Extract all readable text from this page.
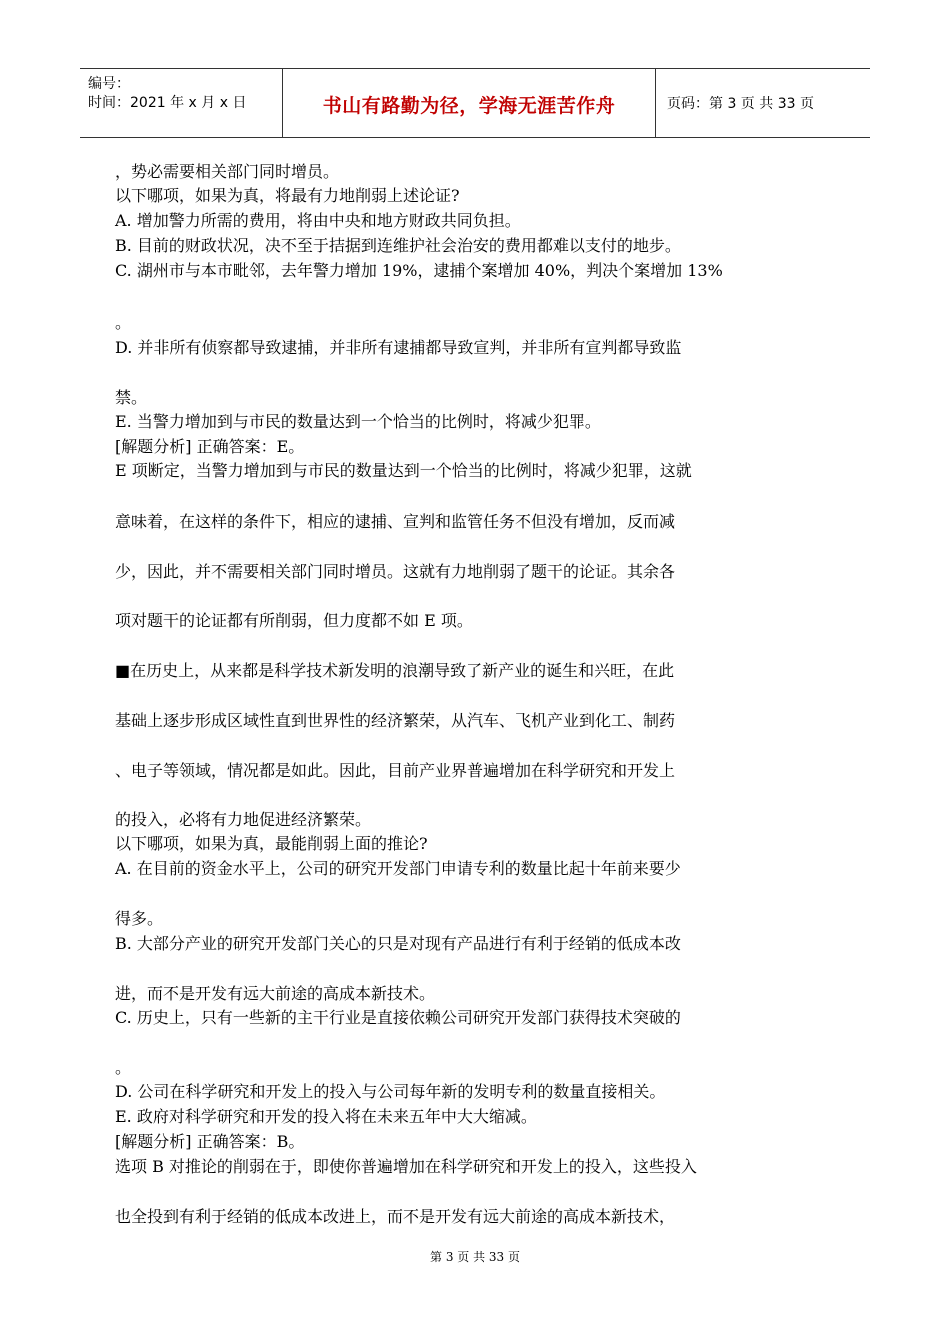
编号：
时间：2021 年 x 月 x 日	书山有路勤为径，学海无涯苦作舟	页码：第 3 页 共 33 页
，势必需要相关部门同时增员。
以下哪项，如果为真，将最有力地削弱上述论证?
A. 增加警力所需的费用，将由中央和地方财政共同负担。
B. 目前的财政状况，决不至于拮据到连维护社会治安的费用都难以支付的地步。
C. 湖州市与本市毗邻，去年警力增加 19%，逮捕个案增加 40%，判决个案增加 13%
。
D. 并非所有侦察都导致逮捕，并非所有逮捕都导致宣判，并非所有宣判都导致监
禁。
E. 当警力增加到与市民的数量达到一个恰当的比例时，将减少犯罪。
[解题分析] 正确答案：E。
E 项断定，当警力增加到与市民的数量达到一个恰当的比例时，将减少犯罪，这就
意味着，在这样的条件下，相应的逮捕、宣判和监管任务不但没有增加，反而减
少，因此，并不需要相关部门同时增员。这就有力地削弱了题干的论证。其余各
项对题干的论证都有所削弱，但力度都不如 E 项。
■在历史上，从来都是科学技术新发明的浪潮导致了新产业的诞生和兴旺，在此
基础上逐步形成区域性直到世界性的经济繁荣，从汽车、飞机产业到化工、制药
、电子等领域，情况都是如此。因此，目前产业界普遍增加在科学研究和开发上
的投入，必将有力地促进经济繁荣。
以下哪项，如果为真，最能削弱上面的推论?
A. 在目前的资金水平上，公司的研究开发部门申请专利的数量比起十年前来要少
得多。
B. 大部分产业的研究开发部门关心的只是对现有产品进行有利于经销的低成本改
进，而不是开发有远大前途的高成本新技术。
C. 历史上，只有一些新的主干行业是直接依赖公司研究开发部门获得技术突破的
。
D. 公司在科学研究和开发上的投入与公司每年新的发明专利的数量直接相关。
E. 政府对科学研究和开发的投入将在未来五年中大大缩减。
[解题分析] 正确答案：B。
选项 B 对推论的削弱在于，即使你普遍增加在科学研究和开发上的投入，这些投入
也全投到有利于经销的低成本改进上，而不是开发有远大前途的高成本新技术，
第 3 页 共 33 页
